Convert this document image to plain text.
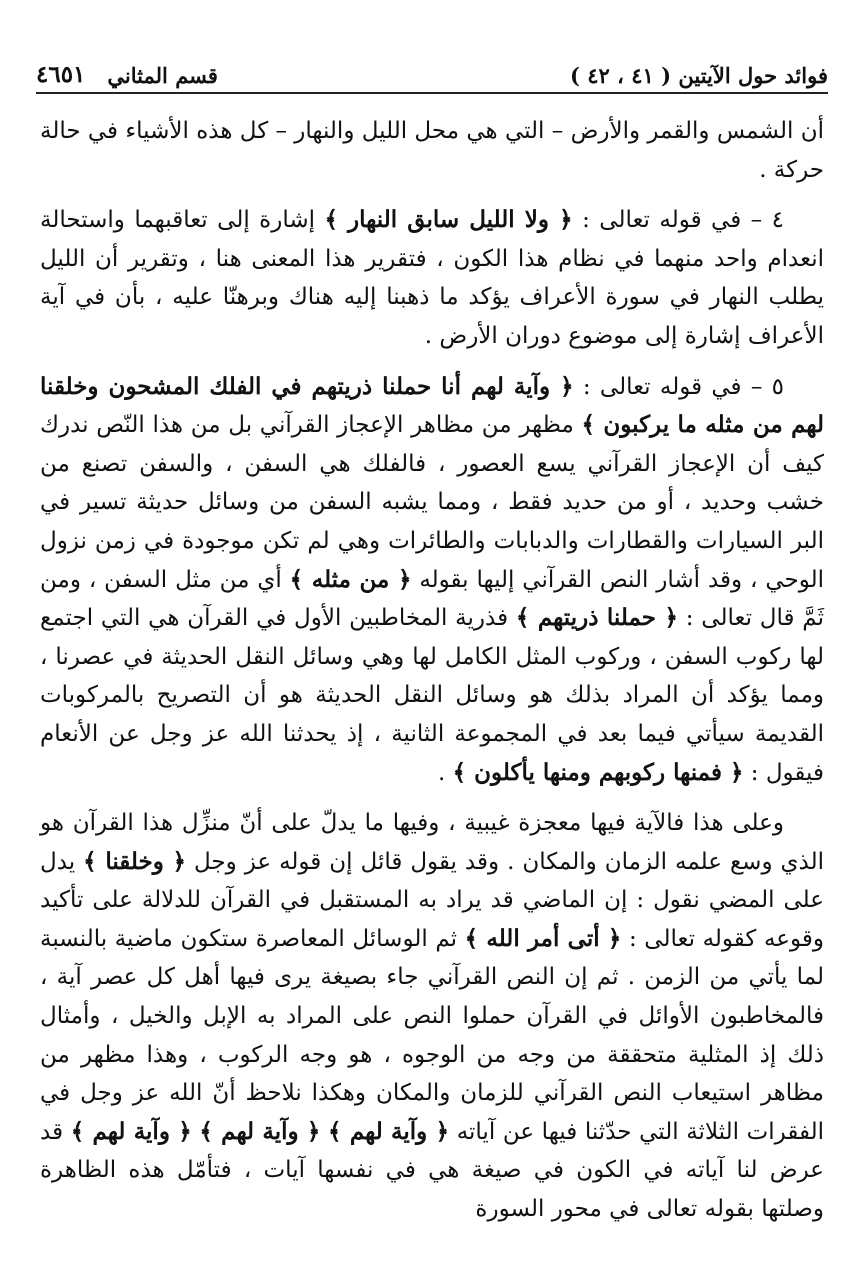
فوائد حول الآيتين ( ٤١ ، ٤٢ )
قسم المثاني
٤٦٥١

أن الشمس والقمر والأرض – التي هي محل الليل والنهار – كل هذه الأشياء في حالة حركة .

٤ – في قوله تعالى : ﴿ ولا الليل سابق النهار ﴾ إشارة إلى تعاقبهما واستحالة انعدام واحد منهما في نظام هذا الكون ، فتقرير هذا المعنى هنا ، وتقرير أن الليل يطلب النهار في سورة الأعراف يؤكد ما ذهبنا إليه هناك وبرهنّا عليه ، بأن في آية الأعراف إشارة إلى موضوع دوران الأرض .

٥ – في قوله تعالى : ﴿ وآية لهم أنا حملنا ذريتهم في الفلك المشحون وخلقنا لهم من مثله ما يركبون ﴾ مظهر من مظاهر الإعجاز القرآني بل من هذا النّص ندرك كيف أن الإعجاز القرآني يسع العصور ، فالفلك هي السفن ، والسفن تصنع من خشب وحديد ، أو من حديد فقط ، ومما يشبه السفن من وسائل حديثة تسير في البر السيارات والقطارات والدبابات والطائرات وهي لم تكن موجودة في زمن نزول الوحي ، وقد أشار النص القرآني إليها بقوله ﴿ من مثله ﴾ أي من مثل السفن ، ومن ثَمَّ قال تعالى : ﴿ حملنا ذريتهم ﴾ فذرية المخاطبين الأول في القرآن هي التي اجتمع لها ركوب السفن ، وركوب المثل الكامل لها وهي وسائل النقل الحديثة في عصرنا ، ومما يؤكد أن المراد بذلك هو وسائل النقل الحديثة هو أن التصريح بالمركوبات القديمة سيأتي فيما بعد في المجموعة الثانية ، إذ يحدثنا الله عز وجل عن الأنعام فيقول : ﴿ فمنها ركوبهم ومنها يأكلون ﴾ .

وعلى هذا فالآية فيها معجزة غيبية ، وفيها ما يدلّ على أنّ منزِّل هذا القرآن هو الذي وسع علمه الزمان والمكان . وقد يقول قائل إن قوله عز وجل ﴿ وخلقنا ﴾ يدل على المضي نقول : إن الماضي قد يراد به المستقبل في القرآن للدلالة على تأكيد وقوعه كقوله تعالى : ﴿ أتى أمر الله ﴾ ثم الوسائل المعاصرة ستكون ماضية بالنسبة لما يأتي من الزمن . ثم إن النص القرآني جاء بصيغة يرى فيها أهل كل عصر آية ، فالمخاطبون الأوائل في القرآن حملوا النص على المراد به الإبل والخيل ، وأمثال ذلك إذ المثلية متحققة من وجه من الوجوه ، هو وجه الركوب ، وهذا مظهر من مظاهر استيعاب النص القرآني للزمان والمكان وهكذا نلاحظ أنّ الله عز وجل في الفقرات الثلاثة التي حدّثنا فيها عن آياته ﴿ وآية لهم ﴾ ﴿ وآية لهم ﴾ ﴿ وآية لهم ﴾ قد عرض لنا آياته في الكون في صيغة هي في نفسها آيات ، فتأمّل هذه الظاهرة وصلتها بقوله تعالى في محور السورة
